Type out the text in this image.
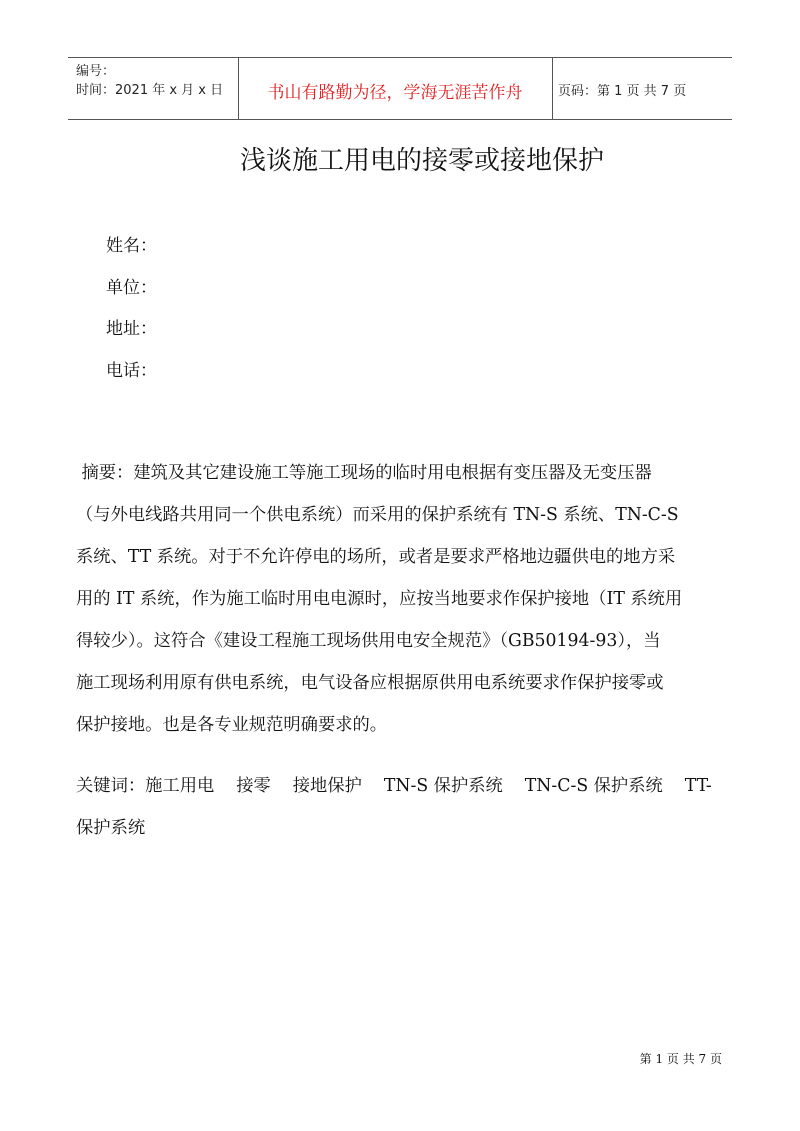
编号：
时间：2021 年 x 月 x 日	书山有路勤为径，学海无涯苦作舟	页码：第 1 页 共 7 页
浅谈施工用电的接零或接地保护
姓名：
单位：
地址：
电话：
摘要：建筑及其它建设施工等施工现场的临时用电根据有变压器及无变压器
（与外电线路共用同一个供电系统）而采用的保护系统有 TN-S 系统、TN-C-S
系统、TT 系统。对于不允许停电的场所，或者是要求严格地边疆供电的地方采
用的 IT 系统，作为施工临时用电电源时，应按当地要求作保护接地（IT 系统用
得较少）。这符合《建设工程施工现场供用电安全规范》（GB50194-93），当
施工现场利用原有供电系统，电气设备应根据原供用电系统要求作保护接零或
保护接地。也是各专业规范明确要求的。
关键词：施工用电    接零    接地保护    TN-S 保护系统    TN-C-S 保护系统    TT-
保护系统
第 1 页 共 7 页
